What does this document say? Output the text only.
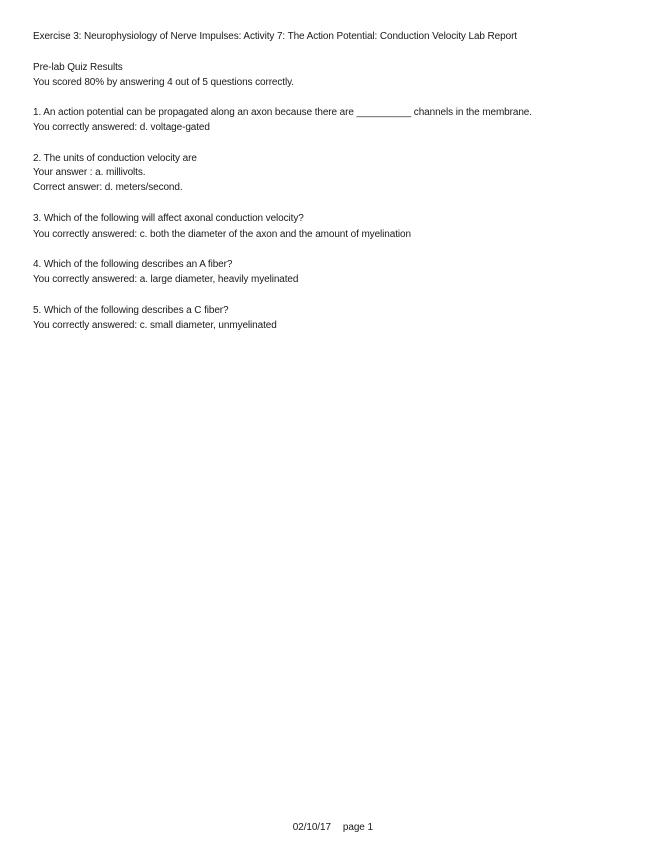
Exercise 3: Neurophysiology of Nerve Impulses: Activity 7: The Action Potential: Conduction Velocity Lab Report
Pre-lab Quiz Results
You scored 80% by answering 4 out of 5 questions correctly.
1. An action potential can be propagated along an axon because there are __________ channels in the membrane.
You correctly answered: d. voltage-gated
2. The units of conduction velocity are
Your answer : a. millivolts.
Correct answer: d. meters/second.
3. Which of the following will affect axonal conduction velocity?
You correctly answered: c. both the diameter of the axon and the amount of myelination
4. Which of the following describes an A fiber?
You correctly answered: a. large diameter, heavily myelinated
5. Which of the following describes a C fiber?
You correctly answered: c. small diameter, unmyelinated

02/10/17 page 1
